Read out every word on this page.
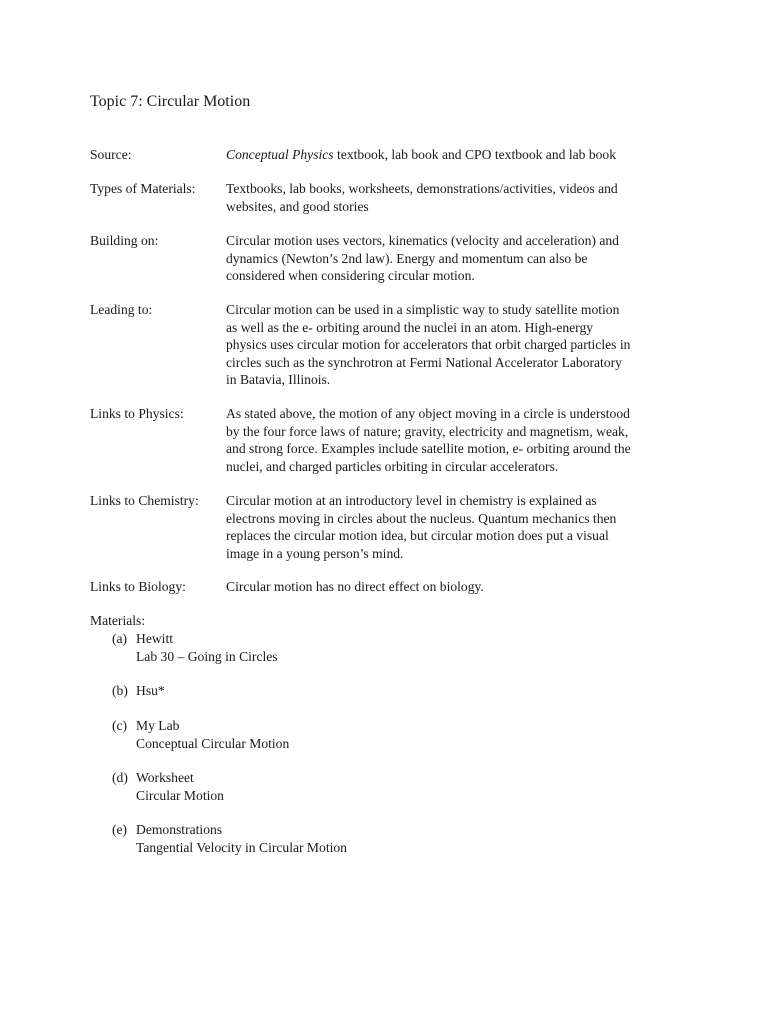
Topic 7: Circular Motion
Source:	Conceptual Physics textbook, lab book and CPO textbook and lab book

Types of Materials:	Textbooks, lab books, worksheets, demonstrations/activities, videos and

websites, and good stories

Building on:	Circular motion uses vectors, kinematics (velocity and acceleration) and

dynamics (Newton’s 2nd law). Energy and momentum can also be

considered when considering circular motion.

Leading to:	Circular motion can be used in a simplistic way to study satellite motion

as well as the e- orbiting around the nuclei in an atom. High-energy

physics uses circular motion for accelerators that orbit charged particles in

circles such as the synchrotron at Fermi National Accelerator Laboratory

in Batavia, Illinois.

Links to Physics:	As stated above, the motion of any object moving in a circle is understood

by the four force laws of nature; gravity, electricity and magnetism, weak,

and strong force. Examples include satellite motion, e- orbiting around the

nuclei, and charged particles orbiting in circular accelerators.

Links to Chemistry:	Circular motion at an introductory level in chemistry is explained as

electrons moving in circles about the nucleus. Quantum mechanics then

replaces the circular motion idea, but circular motion does put a visual

image in a young person’s mind.

Links to Biology:	Circular motion has no direct effect on biology.

Materials:
(a) Hewitt
Lab 30 – Going in Circles
(b) Hsu*
(c) My Lab
Conceptual Circular Motion
(d) Worksheet
Circular Motion
(e) Demonstrations
Tangential Velocity in Circular Motion
